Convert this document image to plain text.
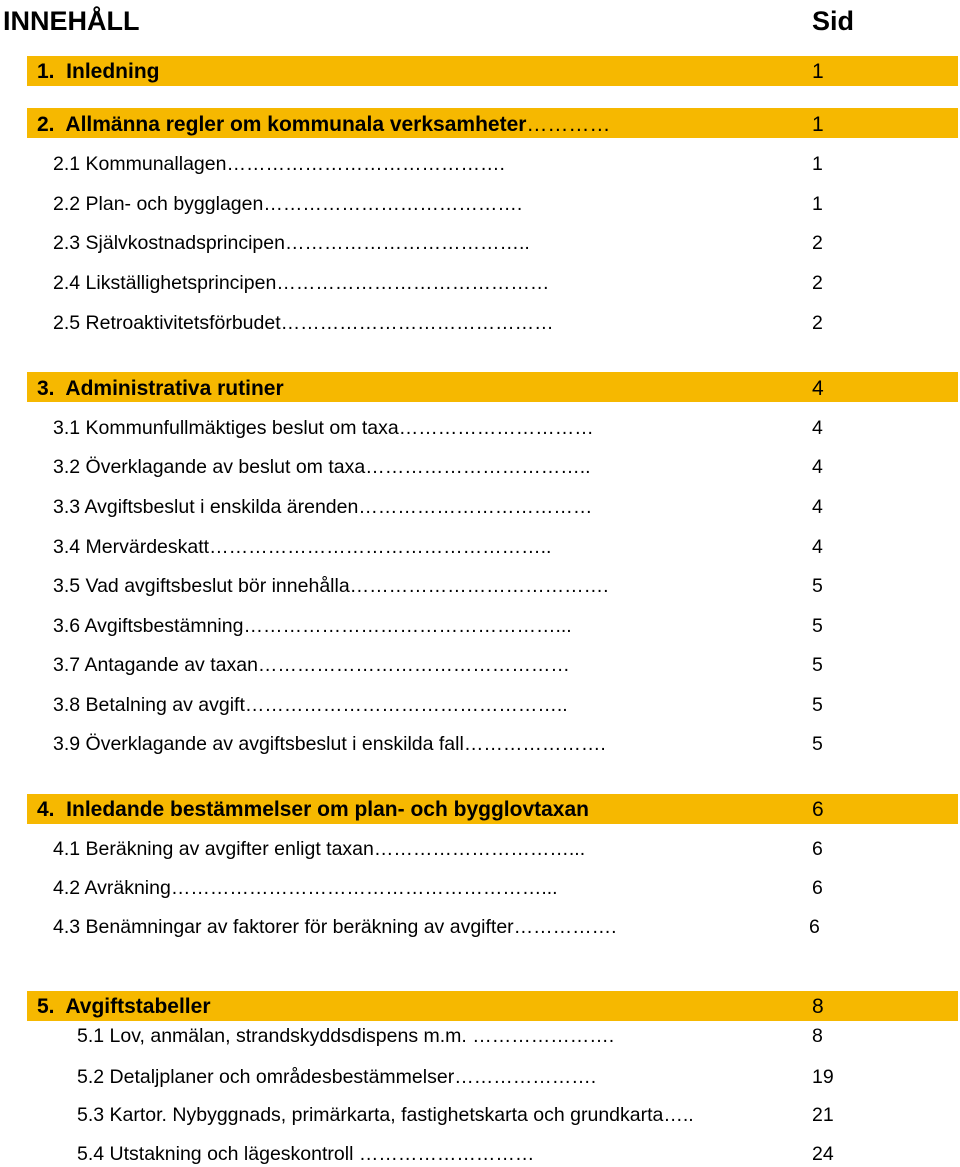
INNEHÅLL	Sid
1.  Inledning	1
2.  Allmänna regler om kommunala verksamheter…………	1
2.1 Kommunallagen…………………………………….	1
2.2 Plan- och bygglagen………………………………….	1
2.3 Självkostnadsprincipen………………………………..	2
2.4 Likställighetsprincipen……………………………………	2
2.5 Retroaktivitetsförbudet……………………………………	2
3.  Administrativa rutiner	4
3.1 Kommunfullmäktiges beslut om taxa…………………………	4
3.2 Överklagande av beslut om taxa……………………………..	4
3.3 Avgiftsbeslut i enskilda ärenden………………………………	4
3.4 Mervärdeskatt……………………………………………..	4
3.5 Vad avgiftsbeslut bör innehålla………………………………….	5
3.6 Avgiftsbestämning…………………………………………...	5
3.7 Antagande av taxan…………………………………………	5
3.8 Betalning av avgift…………………………………………..	5
3.9 Överklagande av avgiftsbeslut i enskilda fall………………….	5
4.  Inledande bestämmelser om plan- och bygglovtaxan	6
4.1 Beräkning av avgifter enligt taxan…………………………...	6
4.2 Avräkning…………………………………………………...	6
4.3 Benämningar av faktorer för beräkning av avgifter…………….	6
5.  Avgiftstabeller	8
5.1 Lov, anmälan, strandskyddsdispens m.m. ………………….	8
5.2 Detaljplaner och områdesbestämmelser………………….	19
5.3 Kartor. Nybyggnads, primärkarta, fastighetskarta och grundkarta…..	21
5.4 Utstakning och lägeskontroll ………………………	24
